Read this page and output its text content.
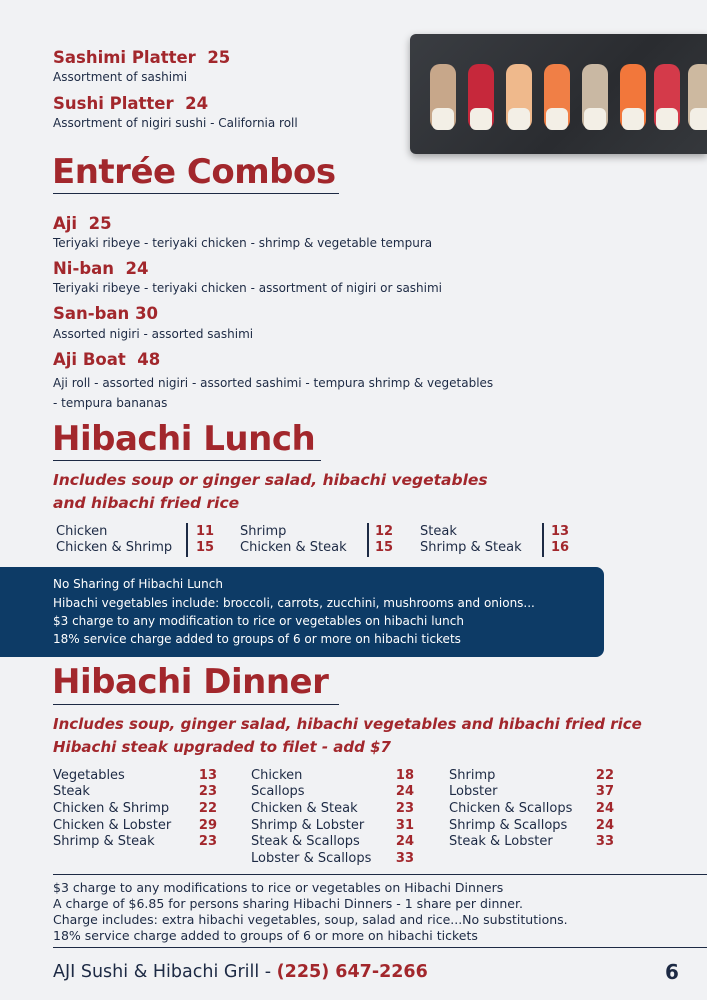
Sashimi Platter 25
Assortment of sashimi
Sushi Platter 24
Assortment of nigiri sushi - California roll
Entrée Combos
Aji 25
Teriyaki ribeye - teriyaki chicken - shrimp & vegetable tempura
Ni-ban 24
Teriyaki ribeye - teriyaki chicken - assortment of nigiri or sashimi
San-ban 30
Assorted nigiri - assorted sashimi
Aji Boat 48
Aji roll - assorted nigiri - assorted sashimi - tempura shrimp & vegetables
- tempura bananas
Hibachi Lunch
Includes soup or ginger salad, hibachi vegetables
and hibachi fried rice
Chicken	11
Chicken & Shrimp 15
Shrimp	12
Chicken & Steak 15
Steak	13
Shrimp & Steak 16
No Sharing of Hibachi Lunch
Hibachi vegetables include: broccoli, carrots, zucchini, mushrooms and onions...
$3 charge to any modification to rice or vegetables on hibachi lunch
18% service charge added to groups of 6 or more on hibachi tickets
Hibachi Dinner
Includes soup, ginger salad, hibachi vegetables and hibachi fried rice
Hibachi steak upgraded to filet - add $7
Vegetables	13
Steak	23
Chicken & Shrimp	22
Chicken & Lobster	29
Shrimp & Steak	23
Chicken	18
Scallops	24
Chicken & Steak	23
Shrimp & Lobster	31
Steak & Scallops	24
Lobster & Scallops	33
Shrimp	22
Lobster	37
Chicken & Scallops	24
Shrimp & Scallops	24
Steak & Lobster	33
$3 charge to any modifications to rice or vegetables on Hibachi Dinners
A charge of $6.85 for persons sharing Hibachi Dinners - 1 share per dinner.
Charge includes: extra hibachi vegetables, soup, salad and rice...No substitutions.
18% service charge added to groups of 6 or more on hibachi tickets
AJI Sushi & Hibachi Grill - (225) 647-2266	6
